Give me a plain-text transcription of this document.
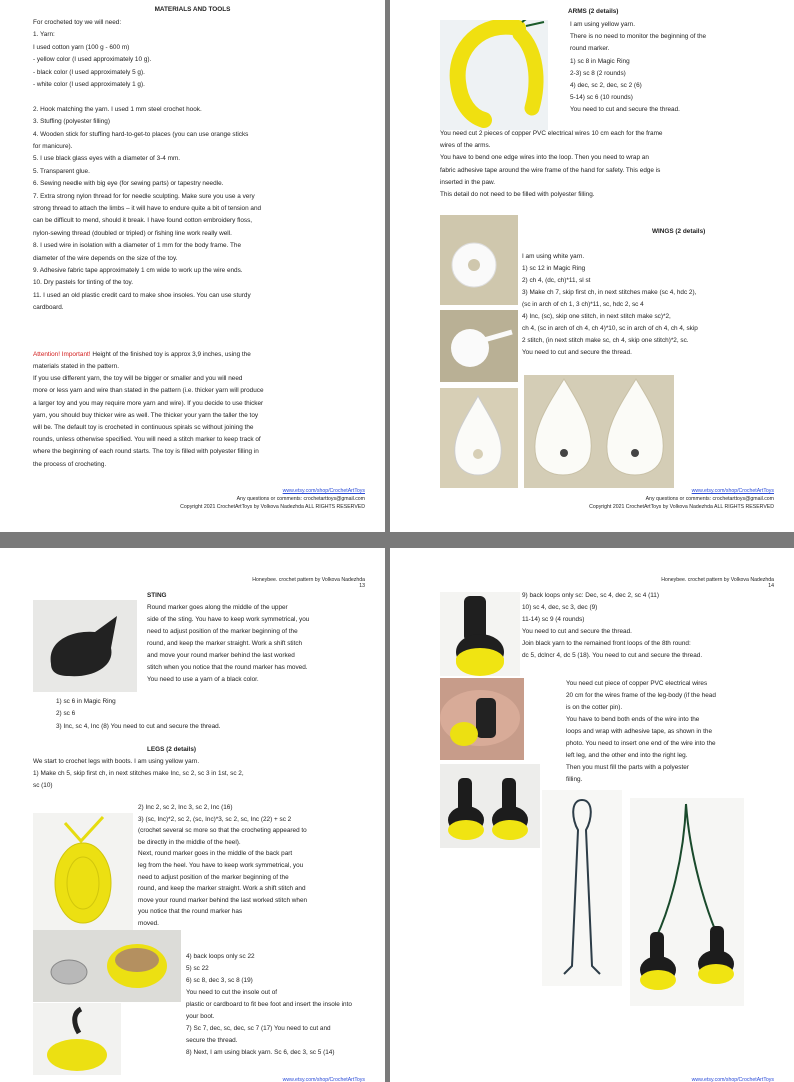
MATERIALS AND TOOLS
For crocheted toy we will need:
1. Yarn:
I used cotton yarn (100 g - 600 m)
- yellow color (I used approximately 10 g).
- black color (I used approximately 5 g).
- white color (I used approximately 1 g).
2. Hook matching the yarn. I used 1 mm steel crochet hook.
3. Stuffing (polyester filling)
4. Wooden stick for stuffing hard-to-get-to places (you can use orange sticks
for manicure).
5. I use black glass eyes with a diameter of 3-4 mm.
5. Transparent glue.
6. Sewing needle with big eye (for sewing parts) or tapestry needle.
7. Extra strong nylon thread for for needle sculpting. Make sure you use a very
strong thread to attach the limbs – it will have to endure quite a bit of tension and
can be difficult to mend, should it break. I have found cotton embroidery floss,
nylon-sewing thread (doubled or tripled) or fishing line work really well.
8. I used wire in isolation with a diameter of 1 mm for the body frame. The
diameter of the wire depends on the size of the toy.
9. Adhesive fabric tape approximately 1 cm wide to work up the wire ends.
10. Dry pastels for tinting of the toy.
11. I used an old plastic credit card to make shoe insoles. You can use sturdy
cardboard.
Attention! Important! Height of the finished toy is approx 3,9 inches, using the
materials stated in the pattern.
If you use different yarn, the toy will be bigger or smaller and you will need
more or less yarn and wire than stated in the pattern (i.e. thicker yarn will produce
a larger toy and you may require more yarn and wire). If you decide to use thicker
yarn, you should buy thicker wire as well. The thicker your yarn the taller the toy
will be. The default toy is crocheted in continuous spirals sc without joining the
rounds, unless otherwise specified. You will need a stitch marker to keep track of
where the beginning of each round starts. The toy is filled with polyester filling in
the process of crocheting.
www.etsy.com/shop/CrochetArtToys
Any questions or comments: crochetarttoys@gmail.com
Copyright 2021 CrochetArtToys by Volkova Nadezhda ALL RIGHTS RESERVED
ARMS (2 details)
I am using yellow yarn.
There is no need to monitor the beginning of the
round marker.
1) sc 8 in Magic Ring
2-3) sc 8 (2 rounds)
4) dec, sc 2, dec, sc 2 (6)
5-14) sc 6 (10 rounds)
You need to cut and secure the thread.
You need cut 2 pieces of copper PVC electrical wires 10 cm each for the frame
wires of the arms.
You have to bend one edge wires into the loop. Then you need to wrap an
fabric adhesive tape around the wire frame of the hand for safety. This edge is
inserted in the paw.
This detail do not need to be filled with polyester filling.
WINGS (2 details)
I am using white yarn.
1) sc 12 in Magic Ring
2) ch 4, (dc, ch)*11, sl st
3) Make ch 7, skip first ch, in next stitches make (sc 4, hdc 2),
(sc in arch of ch 1, 3 ch)*11, sc, hdc 2, sc 4
4) Inc, (sc), skip one stitch, in next stitch make sc)*2,
ch 4, (sc in arch of ch 4, ch 4)*10, sc in arch of ch 4, ch 4, skip
2 stitch, (in next stitch make sc, ch 4, skip one stitch)*2, sc.
You need to cut and secure the thread.
www.etsy.com/shop/CrochetArtToys
Any questions or comments: crochetarttoys@gmail.com
Copyright 2021 CrochetArtToys by Volkova Nadezhda ALL RIGHTS RESERVED
Honeybee. crochet pattern by Volkova Nadezhda
13
STING
Round marker goes along the middle of the upper
side of the sting. You have to keep work symmetrical, you
need to adjust position of the marker beginning of the
round, and keep the marker straight. Work a shift stitch
and move your round marker behind the last worked
stitch when you notice that the round marker has moved.
You need to use a yarn of a black color.
1) sc 6 in Magic Ring
2) sc 6
3) Inc, sc 4, Inc (8) You need to cut and secure the thread.
LEGS (2 details)
We start to crochet legs with boots. I am using yellow yarn.
1) Make ch 5, skip first ch, in next stitches make Inc, sc 2, sc 3 in 1st, sc 2,
sc (10)
2) Inc 2, sc 2, Inc 3, sc 2, Inc (16)
3) (sc, Inc)*2, sc 2, (sc, Inc)*3, sc 2, sc, Inc (22) + sc 2
(crochet several sc more so that the crocheting appeared to
be directly in the middle of the heel).
Next, round marker goes in the middle of the back part
leg from the heel. You have to keep work symmetrical, you
need to adjust position of the marker beginning of the
round, and keep the marker straight. Work a shift stitch and
move your round marker behind the last worked stitch when
you notice that the round marker has
moved.
4) back loops only sc 22
5) sc 22
6) sc 8, dec 3, sc 8 (19)
You need to cut the insole out of
plastic or cardboard to fit bee foot and insert the insole into
your boot.
7) Sc 7, dec, sc, dec, sc 7 (17) You need to cut and
secure the thread.
8) Next, I am using black yarn. Sc 6, dec 3, sc 5 (14)
www.etsy.com/shop/CrochetArtToys
Honeybee. crochet pattern by Volkova Nadezhda
14
9) back loops only sc: Dec, sc 4, dec 2, sc 4 (11)
10) sc 4, dec, sc 3, dec (9)
11-14) sc 9 (4 rounds)
You need to cut and secure the thread.
Join black yarn to the remained front loops of the 8th round:
dc 5, dclncr 4, dc 5 (18). You need to cut and secure the thread.
You need cut piece of copper PVC electrical wires
20 cm for the wires frame of the leg-body (if the head
is on the cotter pin).
You have to bend both ends of the wire into the
loops and wrap with adhesive tape, as shown in the
photo. You need to insert one end of the wire into the
left leg, and the other end into the right leg.
Then you must fill the parts with a polyester
filling.
www.etsy.com/shop/CrochetArtToys
